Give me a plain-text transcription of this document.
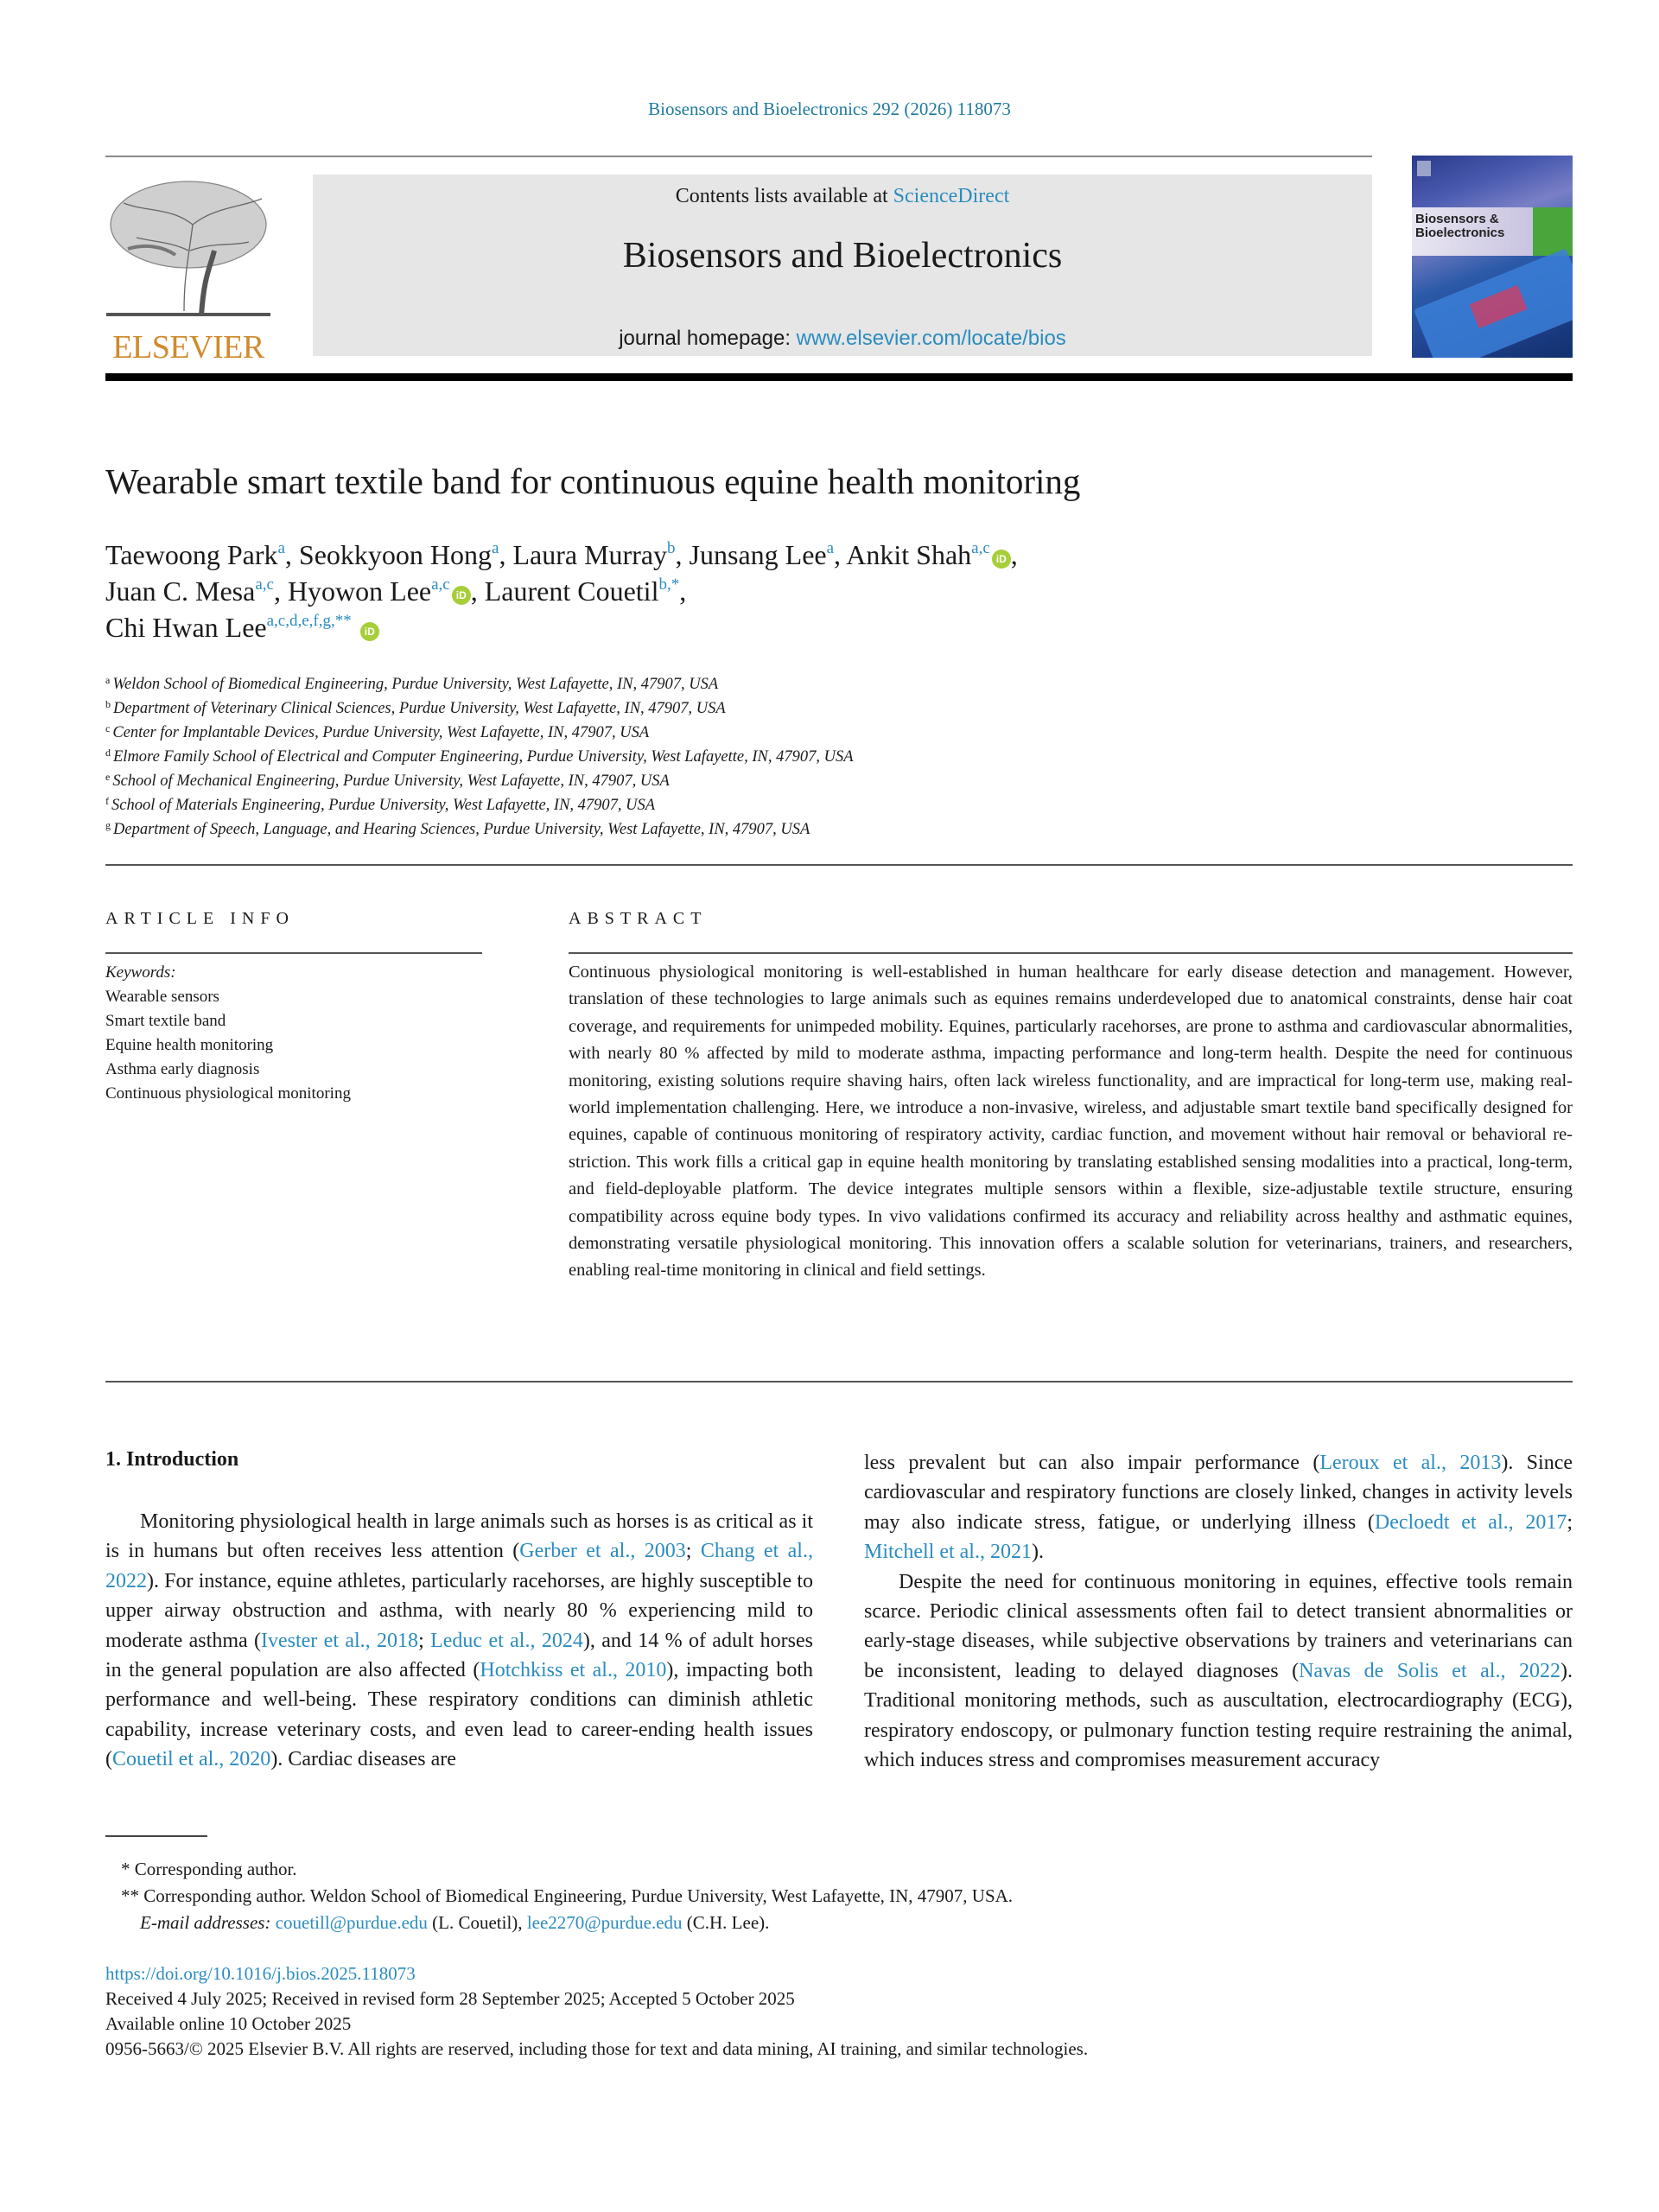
Biosensors and Bioelectronics 292 (2026) 118073
ELSEVIER
Contents lists available at ScienceDirect
Biosensors and Bioelectronics
journal homepage: www.elsevier.com/locate/bios
Biosensors &
Bioelectronics
Wearable smart textile band for continuous equine health monitoring
Taewoong Park$^a$, Seokkyoon Hong$^a$, Laura Murray$^b$, Junsang Lee$^a$, Ankit Shah$^{a,c}$iD ,
Juan C. Mesa$^{a,c}$, Hyowon Lee$^{a,c}$iD , Laurent Couetil$^{b,*}$,
Chi Hwan Lee$^{a,c,d,e,f,g,**}$ iD
$^a$ Weldon School of Biomedical Engineering, Purdue University, West Lafayette, IN, 47907, USA
$^b$ Department of Veterinary Clinical Sciences, Purdue University, West Lafayette, IN, 47907, USA
$^c$ Center for Implantable Devices, Purdue University, West Lafayette, IN, 47907, USA
$^d$ Elmore Family School of Electrical and Computer Engineering, Purdue University, West Lafayette, IN, 47907, USA
$^e$ School of Mechanical Engineering, Purdue University, West Lafayette, IN, 47907, USA
$^f$ School of Materials Engineering, Purdue University, West Lafayette, IN, 47907, USA
$^g$ Department of Speech, Language, and Hearing Sciences, Purdue University, West Lafayette, IN, 47907, USA
ARTICLE INFO
Keywords:
Wearable sensors
Smart textile band
Equine health monitoring
Asthma early diagnosis
Continuous physiological monitoring
ABSTRACT
Continuous physiological monitoring is well-established in human healthcare for early disease detection and management. However, translation of these technologies to large animals such as equines remains underdeveloped due to anatomical constraints, dense hair coat coverage, and requirements for unimpeded mobility. Equines, particularly racehorses, are prone to asthma and cardiovascular abnormalities, with nearly 80 % affected by mild to moderate asthma, impacting performance and long-term health. Despite the need for continuous monitoring, existing solutions require shaving hairs, often lack wireless functionality, and are impractical for long-term use, making real-world implementation challenging. Here, we introduce a non-invasive, wireless, and adjustable smart textile band specifically designed for equines, capable of continuous monitoring of respiratory activity, cardiac function, and movement without hair removal or behavioral restriction. This work fills a critical gap in equine health monitoring by translating established sensing modalities into a practical, long-term, and field-deployable platform. The device integrates multiple sensors within a flexible, size-adjustable textile structure, ensuring compatibility across equine body types. In vivo validations confirmed its accuracy and reliability across healthy and asthmatic equines, demonstrating versatile physiological monitoring. This innovation offers a scalable solution for veterinarians, trainers, and researchers, enabling real-time monitoring in clinical and field settings.
1. Introduction

Monitoring physiological health in large animals such as horses is as critical as it is in humans but often receives less attention (Gerber et al., 2003; Chang et al., 2022). For instance, equine athletes, particularly racehorses, are highly susceptible to upper airway obstruction and asthma, with nearly 80 % experiencing mild to moderate asthma (Ivester et al., 2018; Leduc et al., 2024), and 14 % of adult horses in the general population are also affected (Hotchkiss et al., 2010), impacting both performance and well-being. These respiratory conditions can diminish athletic capability, increase veterinary costs, and even lead to career-ending health issues (Couetil et al., 2020). Cardiac diseases are

less prevalent but can also impair performance (Leroux et al., 2013). Since cardiovascular and respiratory functions are closely linked, changes in activity levels may also indicate stress, fatigue, or underlying illness (Decloedt et al., 2017; Mitchell et al., 2021).

Despite the need for continuous monitoring in equines, effective tools remain scarce. Periodic clinical assessments often fail to detect transient abnormalities or early-stage diseases, while subjective observations by trainers and veterinarians can be inconsistent, leading to delayed diagnoses (Navas de Solis et al., 2022). Traditional monitoring methods, such as auscultation, electrocardiography (ECG), respiratory endoscopy, or pulmonary function testing require restraining the animal, which induces stress and compromises measurement accuracy

* Corresponding author.
** Corresponding author. Weldon School of Biomedical Engineering, Purdue University, West Lafayette, IN, 47907, USA.
E-mail addresses: couetill@purdue.edu (L. Couetil), lee2270@purdue.edu (C.H. Lee).
https://doi.org/10.1016/j.bios.2025.118073
Received 4 July 2025; Received in revised form 28 September 2025; Accepted 5 October 2025
Available online 10 October 2025
0956-5663/© 2025 Elsevier B.V. All rights are reserved, including those for text and data mining, AI training, and similar technologies.
